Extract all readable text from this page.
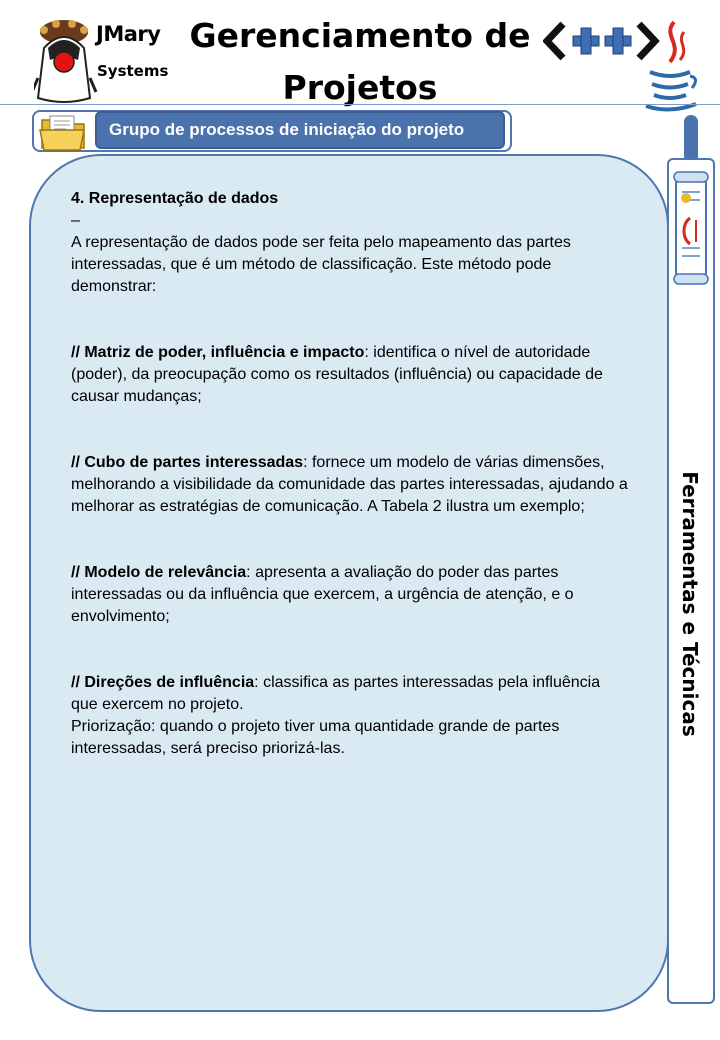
JMary
Systems
Gerenciamento de Projetos
Grupo de processos de iniciação do projeto
Ferramentas e Técnicas

4. Representação de dados

–

A representação de dados pode ser feita pelo mapeamento das partes interessadas, que é um método de classificação. Este método pode demonstrar:

// Matriz de poder, influência e impacto: identifica o nível de autoridade (poder), da preocupação como os resultados (influência) ou capacidade de causar mudanças;

// Cubo de partes interessadas: fornece um modelo de várias dimensões, melhorando a visibilidade da comunidade das partes interessadas, ajudando a melhorar as estratégias de comunicação. A Tabela 2 ilustra um exemplo;

// Modelo de relevância: apresenta a avaliação do poder das partes interessadas ou da influência que exercem, a urgência de atenção, e o envolvimento;

// Direções de influência: classifica as partes interessadas pela influência que exercem no projeto.

Priorização: quando o projeto tiver uma quantidade grande de partes interessadas, será preciso priorizá-las.
